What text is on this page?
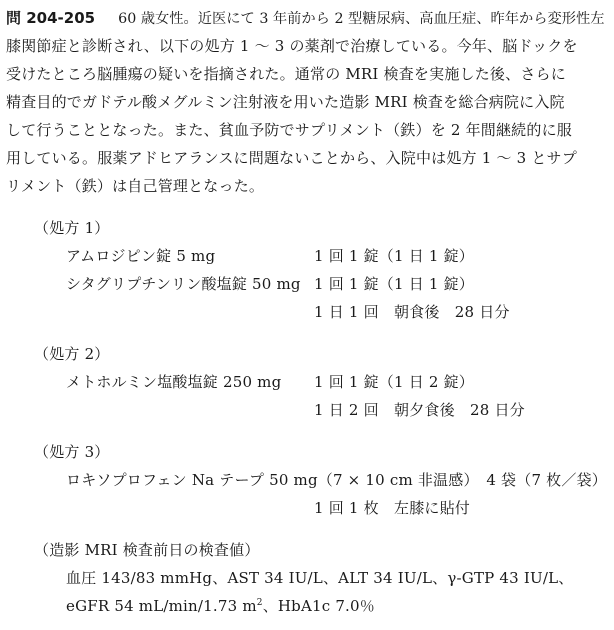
問 204-205 60 歳女性。近医にて 3 年前から 2 型糖尿病、高血圧症、昨年から変形性左
膝関節症と診断され、以下の処方 1 〜 3 の薬剤で治療している。今年、脳ドックを
受けたところ脳腫瘍の疑いを指摘された。通常の MRI 検査を実施した後、さらに
精査目的でガドテル酸メグルミン注射液を用いた造影 MRI 検査を総合病院に入院
して行うこととなった。また、貧血予防でサプリメント（鉄）を 2 年間継続的に服
用している。服薬アドヒアランスに問題ないことから、入院中は処方 1 〜 3 とサプ
リメント（鉄）は自己管理となった。
（処方 1）
アムロジピン錠 5 mg	1 回 1 錠（1 日 1 錠）
シタグリプチンリン酸塩錠 50 mg 1 回 1 錠（1 日 1 錠）
1 日 1 回　朝食後　28 日分
（処方 2）
メトホルミン塩酸塩錠 250 mg 1 回 1 錠（1 日 2 錠）
1 日 2 回　朝夕食後　28 日分
（処方 3）
ロキソプロフェン Na テープ 50 mg（7 × 10 cm 非温感）　4 袋（7 枚／袋）
1 回 1 枚　左膝に貼付
（造影 MRI 検査前日の検査値）
血圧 143/83 mmHg、AST 34 IU/L、ALT 34 IU/L、γ-GTP 43 IU/L、
eGFR 54 mL/min/1.73 $m^2$、HbA1c 7.0％
